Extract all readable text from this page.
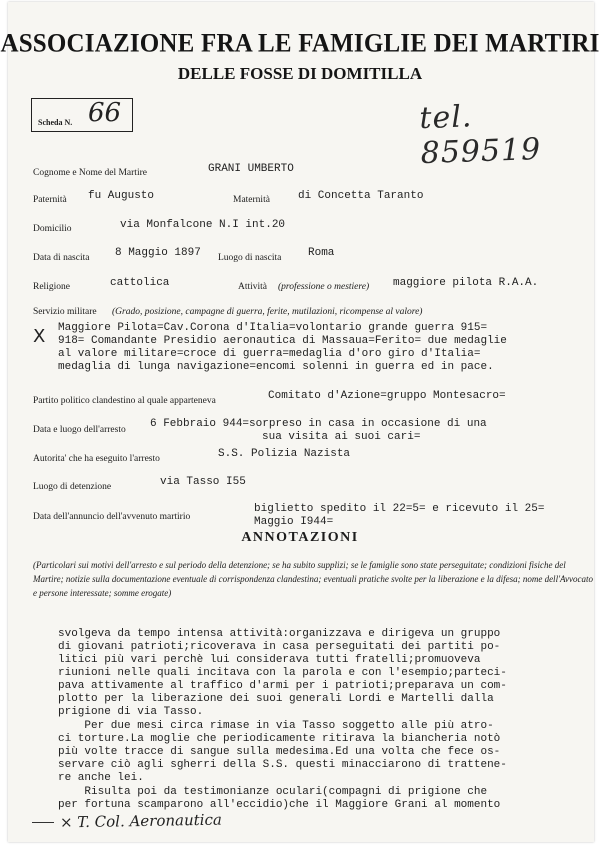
ASSOCIAZIONE FRA LE FAMIGLIE DEI MARTIRI
DELLE FOSSE DI DOMITILLA
Scheda N. 66	tel. 859519
Cognome e Nome del Martire	GRANI UMBERTO
Paternità fu Augusto	Maternità	di Concetta Taranto
Domicilio	via Monfalcone N.I int.20
Data di nascita 8 Maggio 1897 Luogo di nascita Roma
Religione	cattolica	Attività (professione o mestiere) maggiore pilota R.A.A.
Servizio militare (Grado, posizione, campagne di guerra, ferite, mutilazioni, ricompense al valore)
X Maggiore Pilota=Cav.Corona d'Italia=volontario grande guerra 915=
918= Comandante Presidio aeronautica di Massaua=Ferito= due medaglie
al valore militare=croce di guerra=medaglia d'oro giro d'Italia=
medaglia di lunga navigazione=encomi solenni in guerra ed in pace.
Partito politico clandestino al quale apparteneva	Comitato d'Azione=gruppo Montesacro=
Data e luogo dell'arresto 6 Febbraio 944=sorpreso in casa in occasione di una
sua visita ai suoi cari=
Autorita' che ha eseguito l'arresto	S.S. Polizia Nazista
Luogo di detenzione	via Tasso I55
Data dell'annuncio dell'avvenuto martirio
biglietto spedito il 22=5= e ricevuto il 25=
Maggio I944=
ANNOTAZIONI
(Particolari sui motivi dell'arresto e sul periodo della detenzione; se ha subito supplizi; se le famiglie sono state perseguitate; condizioni fisiche del Martire; notizie sulla documentazione eventuale di corrispondenza clandestina; eventuali pratiche svolte per la liberazione e la difesa; nome dell'Avvocato e persone interessate; somme erogate)
svolgeva da tempo intensa attività:organizzava e dirigeva un gruppo
di giovani patrioti;ricoverava in casa perseguitati dei partiti po-
litici più vari perchè lui considerava tutti fratelli;promuoveva
riunioni nelle quali incitava con la parola e con l'esempio;parteci-
pava attivamente al traffico d'armi per i patrioti;preparava un com-
plotto per la liberazione dei suoi generali Lordi e Martelli dalla
prigione di via Tasso.
Per due mesi circa rimase in via Tasso soggetto alle più atro-
ci torture.La moglie che periodicamente ritirava la biancheria notò
più volte tracce di sangue sulla medesima.Ed una volta che fece os-
servare ciò agli sgherri della S.S. questi minacciarono di trattene-
re anche lei.
Risulta poi da testimonianze oculari(compagni di prigione che
per fortuna scamparono all'eccidio)che il Maggiore Grani al momento
× T. Col. Aeronautica
